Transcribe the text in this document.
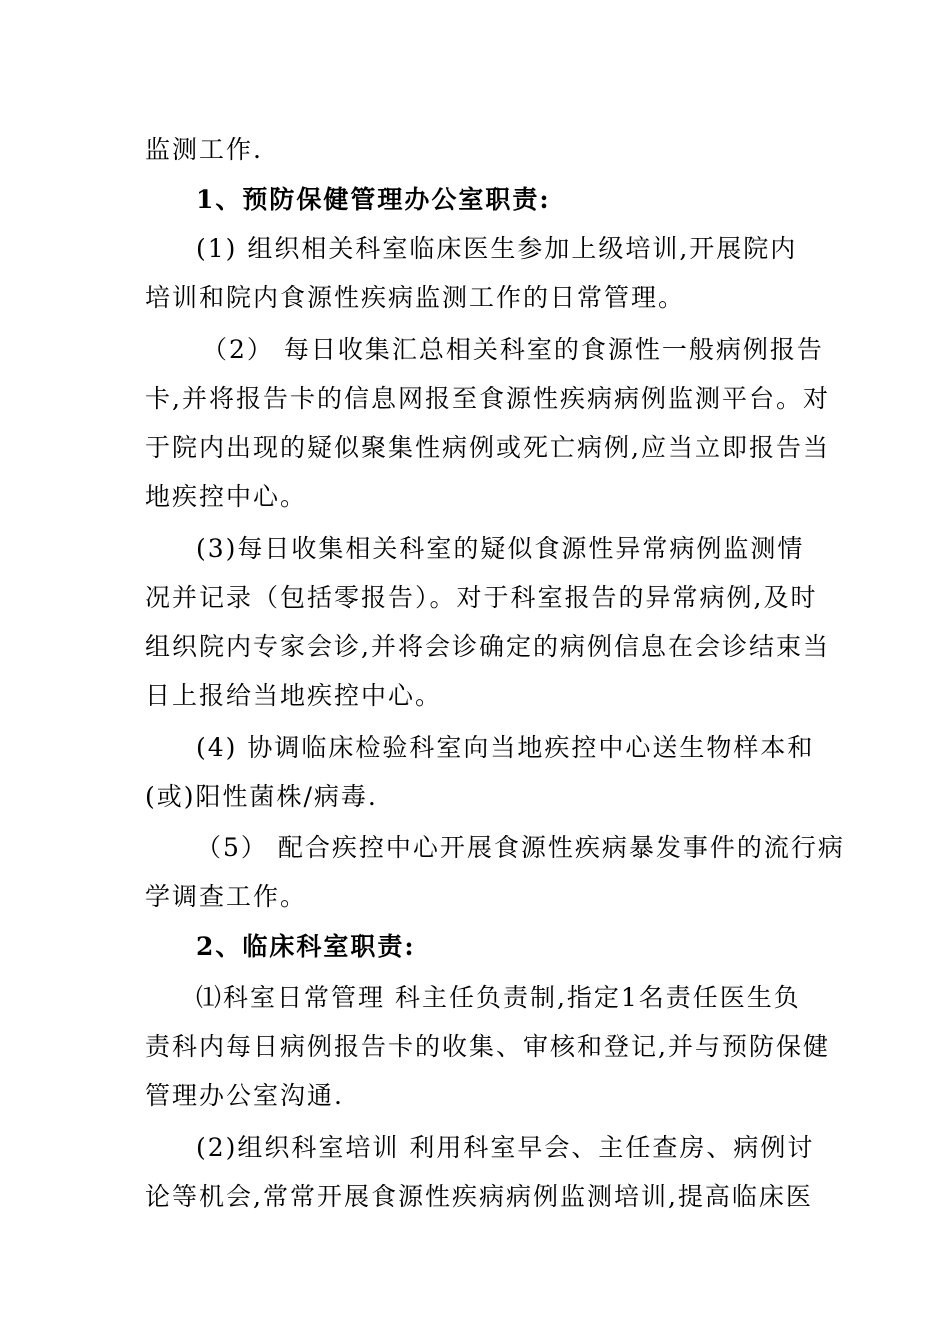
监测工作.
1、预防保健管理办公室职责:
(1) 组织相关科室临床医生参加上级培训,开展院内
培训和院内食源性疾病监测工作的日常管理。
（2） 每日收集汇总相关科室的食源性一般病例报告
卡,并将报告卡的信息网报至食源性疾病病例监测平台。对
于院内出现的疑似聚集性病例或死亡病例,应当立即报告当
地疾控中心。
(3)每日收集相关科室的疑似食源性异常病例监测情
况并记录（包括零报告）。对于科室报告的异常病例,及时
组织院内专家会诊,并将会诊确定的病例信息在会诊结束当
日上报给当地疾控中心。
(4) 协调临床检验科室向当地疾控中心送生物样本和
(或)阳性菌株/病毒.
（5） 配合疾控中心开展食源性疾病暴发事件的流行病
学调查工作。
2、临床科室职责:
⑴科室日常管理 科主任负责制,指定1名责任医生负
责科内每日病例报告卡的收集、审核和登记,并与预防保健
管理办公室沟通.
(2)组织科室培训 利用科室早会、主任查房、病例讨
论等机会,常常开展食源性疾病病例监测培训,提高临床医
